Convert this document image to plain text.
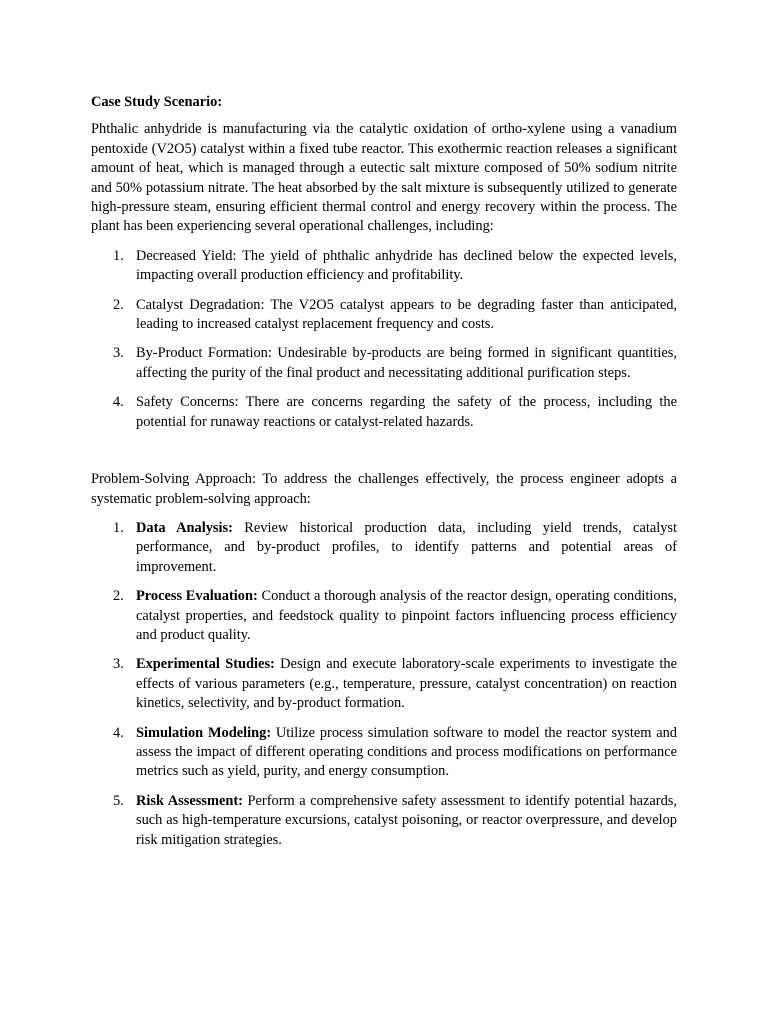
Case Study Scenario:

Phthalic anhydride is manufacturing via the catalytic oxidation of ortho-xylene using a vanadium pentoxide (V2O5) catalyst within a fixed tube reactor. This exothermic reaction releases a significant amount of heat, which is managed through a eutectic salt mixture composed of 50% sodium nitrite and 50% potassium nitrate. The heat absorbed by the salt mixture is subsequently utilized to generate high-pressure steam, ensuring efficient thermal control and energy recovery within the process. The plant has been experiencing several operational challenges, including:

1. Decreased Yield: The yield of phthalic anhydride has declined below the expected levels, impacting overall production efficiency and profitability.
2. Catalyst Degradation: The V2O5 catalyst appears to be degrading faster than anticipated, leading to increased catalyst replacement frequency and costs.
3. By-Product Formation: Undesirable by-products are being formed in significant quantities, affecting the purity of the final product and necessitating additional purification steps.
4. Safety Concerns: There are concerns regarding the safety of the process, including the potential for runaway reactions or catalyst-related hazards.

Problem-Solving Approach: To address the challenges effectively, the process engineer adopts a systematic problem-solving approach:

1. Data Analysis: Review historical production data, including yield trends, catalyst performance, and by-product profiles, to identify patterns and potential areas of improvement.
2. Process Evaluation: Conduct a thorough analysis of the reactor design, operating conditions, catalyst properties, and feedstock quality to pinpoint factors influencing process efficiency and product quality.
3. Experimental Studies: Design and execute laboratory-scale experiments to investigate the effects of various parameters (e.g., temperature, pressure, catalyst concentration) on reaction kinetics, selectivity, and by-product formation.
4. Simulation Modeling: Utilize process simulation software to model the reactor system and assess the impact of different operating conditions and process modifications on performance metrics such as yield, purity, and energy consumption.
5. Risk Assessment: Perform a comprehensive safety assessment to identify potential hazards, such as high-temperature excursions, catalyst poisoning, or reactor overpressure, and develop risk mitigation strategies.
